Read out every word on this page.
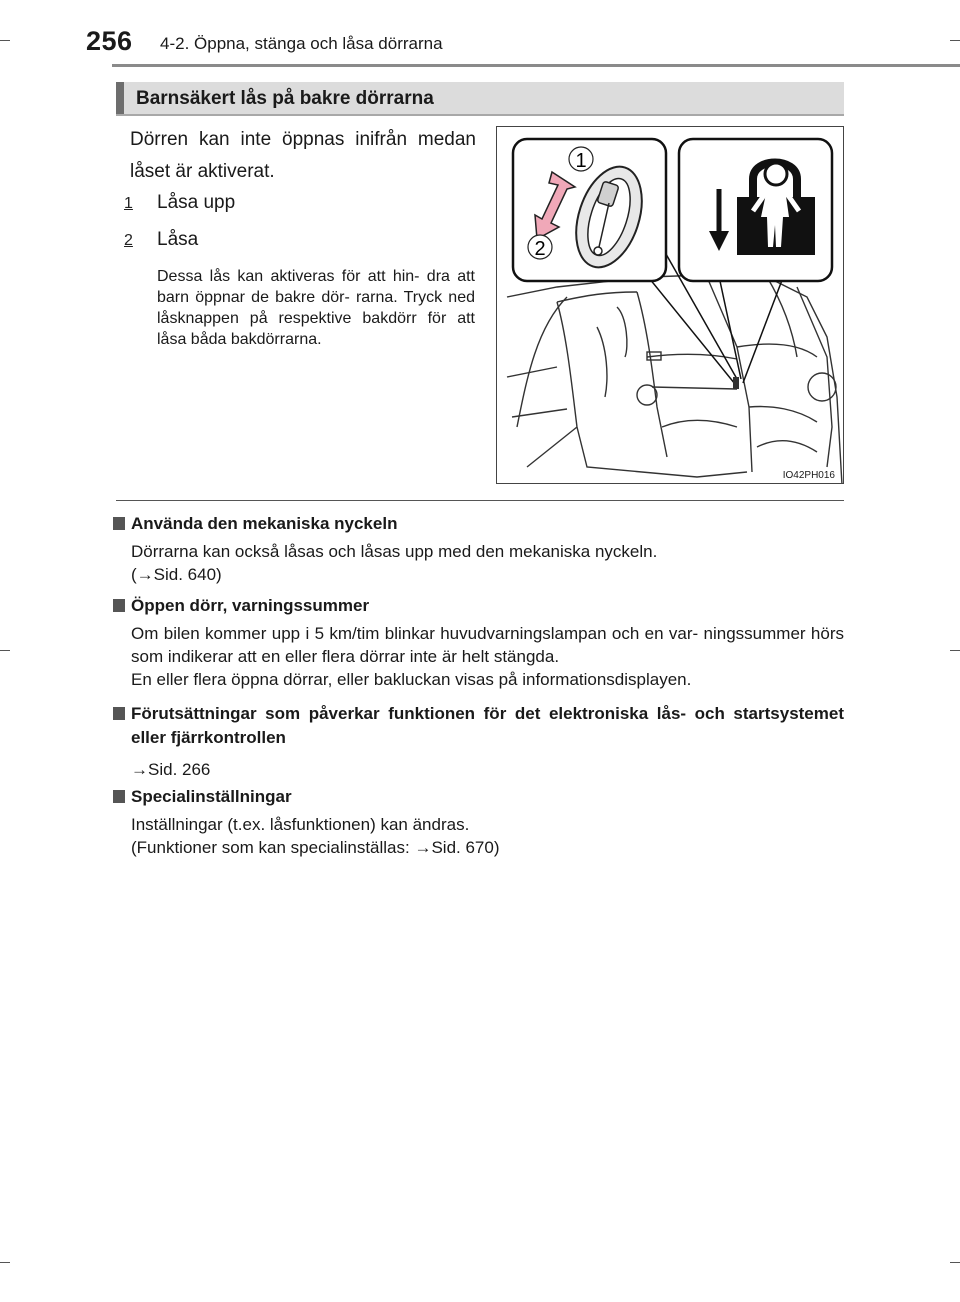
256 4-2. Öppna, stänga och låsa dörrarna
Barnsäkert lås på bakre dörrarna
Dörren kan inte öppnas inifrån medan låset är aktiverat.
1 Låsa upp
2 Låsa
Dessa lås kan aktiveras för att hin- dra att barn öppnar de bakre dör- rarna. Tryck ned låsknappen på respektive bakdörr för att låsa båda bakdörrarna.
1
2
IO42PH016
Använda den mekaniska nyckeln

Dörrarna kan också låsas och låsas upp med den mekaniska nyckeln.

(→Sid. 640)

Öppen dörr, varningssummer

Om bilen kommer upp i 5 km/tim blinkar huvudvarningslampan och en var- ningssummer hörs som indikerar att en eller flera dörrar inte är helt stängda.

En eller flera öppna dörrar, eller bakluckan visas på informationsdisplayen.

Förutsättningar som påverkar funktionen för det elektroniska lås- och startsystemet eller fjärrkontrollen

→Sid. 266

Specialinställningar

Inställningar (t.ex. låsfunktionen) kan ändras.

(Funktioner som kan specialinställas: →Sid. 670)
